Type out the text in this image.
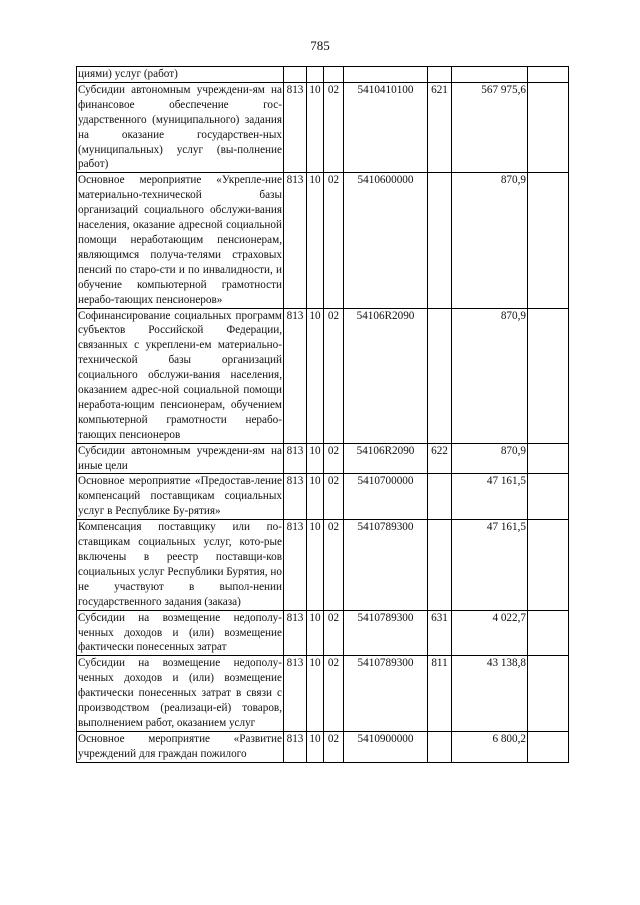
785
циями) услуг (работ)							
Субсидии автономным учреждени-ям на финансовое обеспечение гос-ударственного (муниципального) задания на оказание государствен-ных (муниципальных) услуг (вы-полнение работ)	813	10	02	5410410100	621	567 975,6	
Основное мероприятие «Укрепле-ние материально-технической базы организаций социального обслужи-вания населения, оказание адресной социальной помощи неработающим пенсионерам, являющимся получа-телями страховых пенсий по старо-сти и по инвалидности, и обучение компьютерной грамотности нерабо-тающих пенсионеров»	813	10	02	5410600000		870,9	
Софинансирование социальных программ субъектов Российской Федерации, связанных с укреплени-ем материально-технической базы организаций социального обслужи-вания населения, оказанием адрес-ной социальной помощи неработа-ющим пенсионерам, обучением компьютерной грамотности нерабо-тающих пенсионеров	813	10	02	54106R2090		870,9	
Субсидии автономным учреждени-ям на иные цели	813	10	02	54106R2090	622	870,9	
Основное мероприятие «Предостав-ление компенсаций поставщикам социальных услуг в Республике Бу-рятия»	813	10	02	5410700000		47 161,5	
Компенсация поставщику или по-ставщикам социальных услуг, кото-рые включены в реестр поставщи-ков социальных услуг Республики Бурятия, но не участвуют в выпол-нении государственного задания (заказа)	813	10	02	5410789300		47 161,5	
Субсидии на возмещение недополу-ченных доходов и (или) возмещение фактически понесенных затрат	813	10	02	5410789300	631	4 022,7	
Субсидии на возмещение недополу-ченных доходов и (или) возмещение фактически понесенных затрат в связи с производством (реализаци-ей) товаров, выполнением работ, оказанием услуг	813	10	02	5410789300	811	43 138,8	
Основное мероприятие «Развитие учреждений для граждан пожилого	813	10	02	5410900000		6 800,2	
